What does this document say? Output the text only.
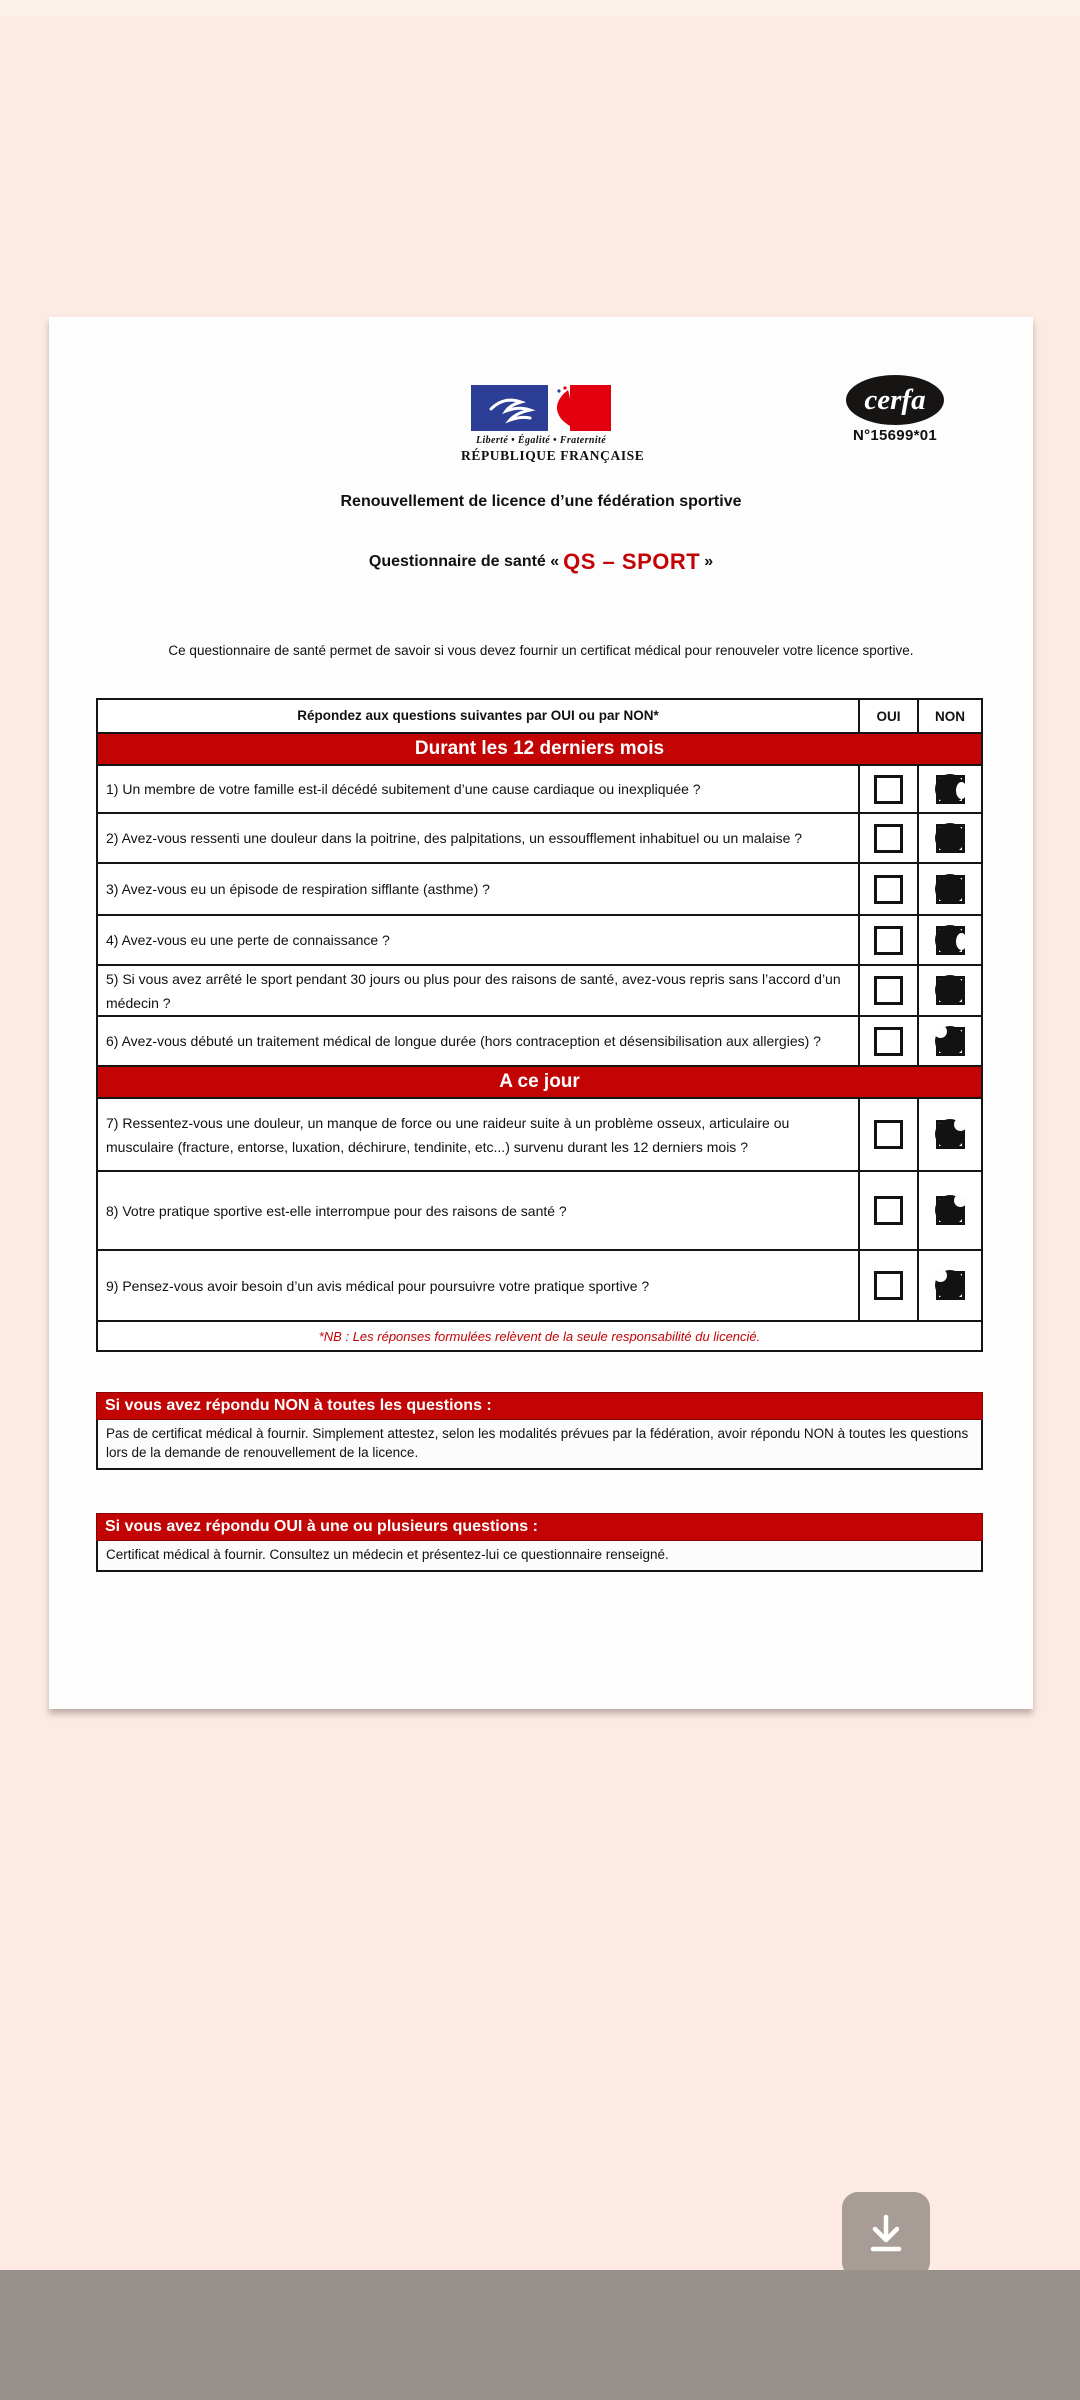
Liberté • Égalité • Fraternité
RÉPUBLIQUE FRANÇAISE
cerfa
N°15699*01
Renouvellement de licence d’une fédération sportive
Questionnaire de santé « QS – SPORT »
Ce questionnaire de santé permet de savoir si vous devez fournir un certificat médical pour renouveler votre licence sportive.
Répondez aux questions suivantes par OUI ou par NON*	OUI	NON
Durant les 12 derniers mois
1) Un membre de votre famille est-il décédé subitement d’une cause cardiaque ou inexpliquée ?
2) Avez-vous ressenti une douleur dans la poitrine, des palpitations, un essoufflement inhabituel ou un malaise ?
3) Avez-vous eu un épisode de respiration sifflante (asthme) ?
4) Avez-vous eu une perte de connaissance ?
5) Si vous avez arrêté le sport pendant 30 jours ou plus pour des raisons de santé, avez-vous repris sans l’accord d’un médecin ?
6) Avez-vous débuté un traitement médical de longue durée (hors contraception et désensibilisation aux allergies) ?
A ce jour
7) Ressentez-vous une douleur, un manque de force ou une raideur suite à un problème osseux, articulaire ou musculaire (fracture, entorse, luxation, déchirure, tendinite, etc...) survenu durant les 12 derniers mois ?
8) Votre pratique sportive est-elle interrompue pour des raisons de santé ?
9) Pensez-vous avoir besoin d’un avis médical pour poursuivre votre pratique sportive ?
*NB : Les réponses formulées relèvent de la seule responsabilité du licencié.
Si vous avez répondu NON à toutes les questions :
Pas de certificat médical à fournir. Simplement attestez, selon les modalités prévues par la fédération, avoir répondu NON à toutes les questions lors de la demande de renouvellement de la licence.
Si vous avez répondu OUI à une ou plusieurs questions :
Certificat médical à fournir. Consultez un médecin et présentez-lui ce questionnaire renseigné.
